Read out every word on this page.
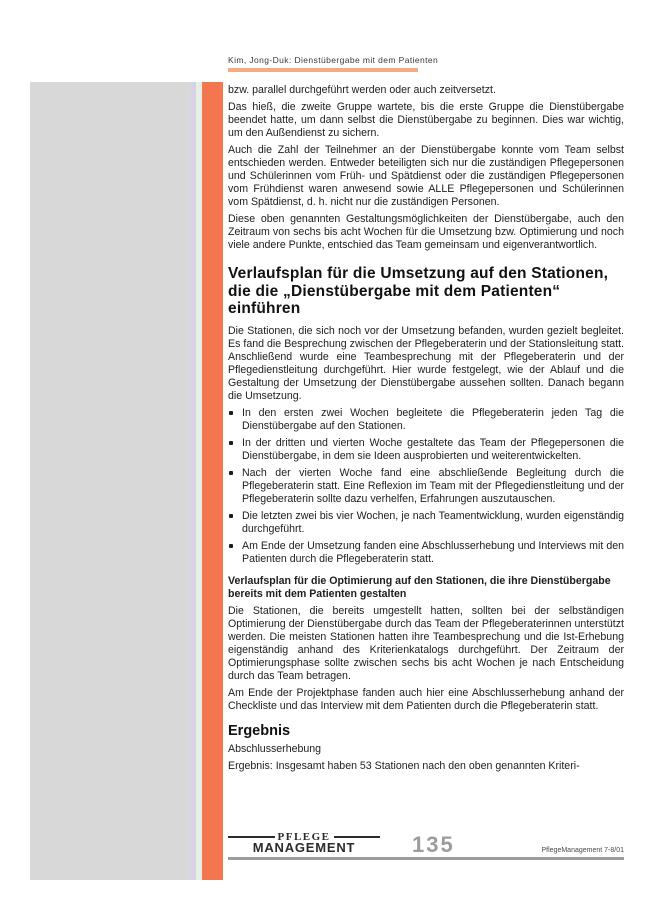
Kim, Jong-Duk: Dienstübergabe mit dem Patienten

bzw. parallel durchgeführt werden oder auch zeitversetzt.

Das hieß, die zweite Gruppe wartete, bis die erste Gruppe die Dienstübergabe beendet hatte, um dann selbst die Dienstübergabe zu beginnen. Dies war wichtig, um den Außendienst zu sichern.

Auch die Zahl der Teilnehmer an der Dienstübergabe konnte vom Team selbst entschieden werden. Entweder beteiligten sich nur die zuständigen Pflegepersonen und Schülerinnen vom Früh- und Spätdienst oder die zuständigen Pflegepersonen vom Frühdienst waren anwesend sowie ALLE Pflegepersonen und Schülerinnen vom Spätdienst, d. h. nicht nur die zuständigen Personen.

Diese oben genannten Gestaltungsmöglichkeiten der Dienstübergabe, auch den Zeitraum von sechs bis acht Wochen für die Umsetzung bzw. Optimierung und noch viele andere Punkte, entschied das Team gemeinsam und eigenverantwortlich.

Verlaufsplan für die Umsetzung auf den Stationen, die die „Dienstübergabe mit dem Patienten“ einführen

Die Stationen, die sich noch vor der Umsetzung befanden, wurden gezielt begleitet. Es fand die Besprechung zwischen der Pflegeberaterin und der Stationsleitung statt. Anschließend wurde eine Teambesprechung mit der Pflegeberaterin und der Pflegedienstleitung durchgeführt. Hier wurde festgelegt, wie der Ablauf und die Gestaltung der Umsetzung der Dienstübergabe aussehen sollten. Danach begann die Umsetzung.

In den ersten zwei Wochen begleitete die Pflegeberaterin jeden Tag die Dienstübergabe auf den Stationen.
In der dritten und vierten Woche gestaltete das Team der Pflegepersonen die Dienstübergabe, in dem sie Ideen ausprobierten und weiterentwickelten.
Nach der vierten Woche fand eine abschließende Begleitung durch die Pflegeberaterin statt. Eine Reflexion im Team mit der Pflegedienstleitung und der Pflegeberaterin sollte dazu verhelfen, Erfahrungen auszutauschen.
Die letzten zwei bis vier Wochen, je nach Teamentwicklung, wurden eigenständig durchgeführt.
Am Ende der Umsetzung fanden eine Abschlusserhebung und Interviews mit den Patienten durch die Pflegeberaterin statt.
Verlaufsplan für die Optimierung auf den Stationen, die ihre Dienstübergabe bereits mit dem Patienten gestalten

Die Stationen, die bereits umgestellt hatten, sollten bei der selbständigen Optimierung der Dienstübergabe durch das Team der Pflegeberaterinnen unterstützt werden. Die meisten Stationen hatten ihre Teambesprechung und die Ist-Erhebung eigenständig anhand des Kriterienkatalogs durchgeführt. Der Zeitraum der Optimierungsphase sollte zwischen sechs bis acht Wochen je nach Entscheidung durch das Team betragen.

Am Ende der Projektphase fanden auch hier eine Abschlusserhebung anhand der Checkliste und das Interview mit dem Patienten durch die Pflegeberaterin statt.

Ergebnis

Abschlusserhebung

Ergebnis: Insgesamt haben 53 Stationen nach den oben genannten Kriteri-

PFLEGE
MANAGEMENT	135	PflegeManagement 7-8/01
